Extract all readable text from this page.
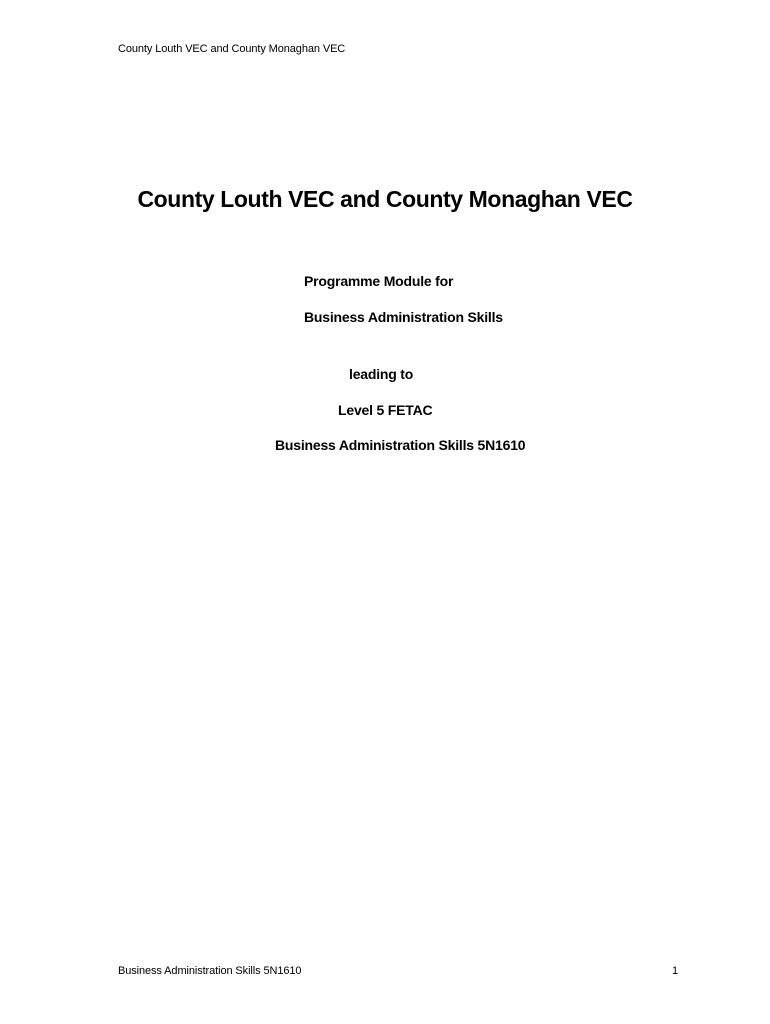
County Louth VEC and County Monaghan VEC
County Louth VEC and County Monaghan VEC
Programme Module for
Business Administration Skills
leading to
Level 5 FETAC
Business Administration Skills 5N1610
Business Administration Skills 5N1610	1
